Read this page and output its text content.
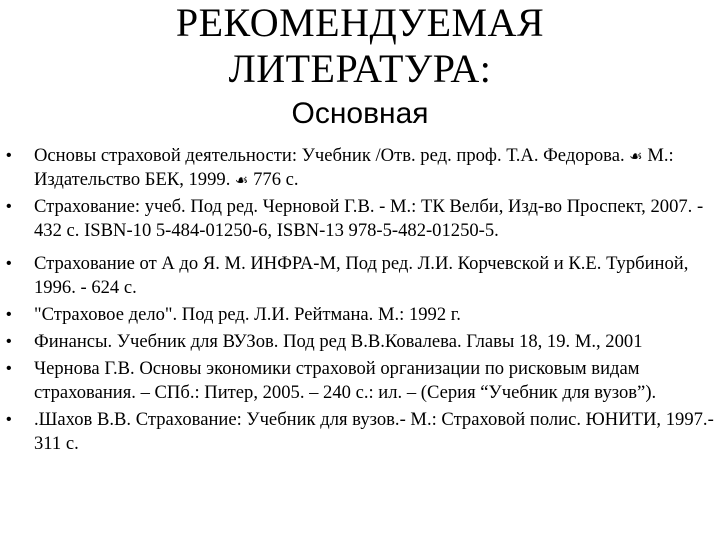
РЕКОМЕНДУЕМАЯ
ЛИТЕРАТУРА:
Основная
• Основы страховой деятельности: Учебник /Отв. ред. проф. Т.А. Федорова. ☙ М.: Издательство БЕК, 1999. ☙ 776 с.
• Страхование: учеб. Под ред. Черновой Г.В. - М.: ТК Велби, Изд-во Проспект, 2007. - 432 с. ISBN-10 5-484-01250-6, ISBN-13 978-5-482-01250-5.
• Страхование от А до Я. М. ИНФРА-М, Под ред. Л.И. Корчевской и К.Е. Турбиной, 1996. - 624 с.
• "Страховое дело". Под ред. Л.И. Рейтмана. М.: 1992 г.
• Финансы. Учебник для ВУЗов. Под ред В.В.Ковалева. Главы 18, 19. М., 2001
• Чернова Г.В. Основы экономики страховой организации по рисковым видам страхования. – СПб.: Питер, 2005. – 240 с.: ил. – (Серия “Учебник для вузов”).
• .Шахов В.В. Страхование: Учебник для вузов.- М.: Страховой полис. ЮНИТИ, 1997.- 311 с.
